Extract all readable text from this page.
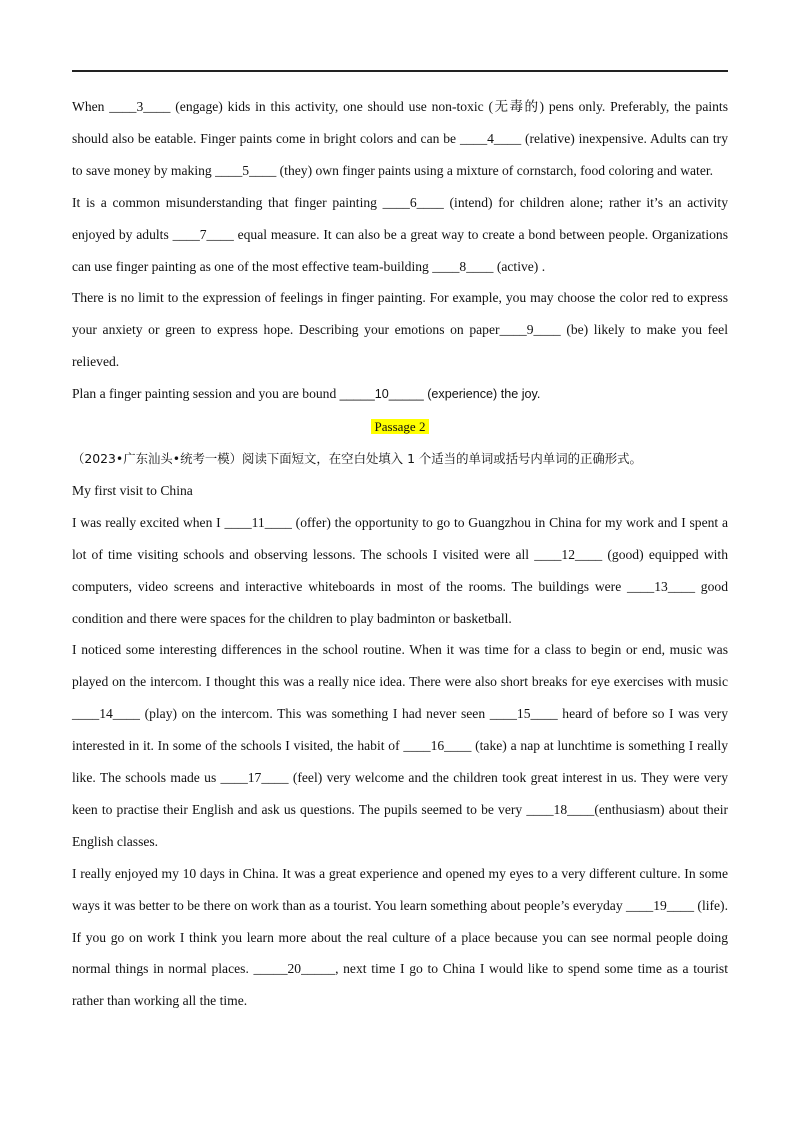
When ____3____ (engage) kids in this activity, one should use non-toxic (无毒的) pens only. Preferably, the paints should also be eatable. Finger paints come in bright colors and can be ____4____ (relative) inexpensive. Adults can try to save money by making ____5____ (they) own finger paints using a mixture of cornstarch, food coloring and water.

It is a common misunderstanding that finger painting ____6____ (intend) for children alone; rather it’s an activity enjoyed by adults ____7____ equal measure. It can also be a great way to create a bond between people. Organizations can use finger painting as one of the most effective team-building ____8____ (active) .

There is no limit to the expression of feelings in finger painting. For example, you may choose the color red to express your anxiety or green to express hope. Describing your emotions on paper____9____ (be) likely to make you feel relieved.

Plan a finger painting session and you are bound _____10_____ (experience) the joy.

Passage 2

（2023•广东汕头•统考一模）阅读下面短文，在空白处填入 1 个适当的单词或括号内单词的正确形式。

My first visit to China

I was really excited when I ____11____ (offer) the opportunity to go to Guangzhou in China for my work and I spent a lot of time visiting schools and observing lessons. The schools I visited were all ____12____ (good) equipped with computers, video screens and interactive whiteboards in most of the rooms. The buildings were ____13____ good condition and there were spaces for the children to play badminton or basketball.

I noticed some interesting differences in the school routine. When it was time for a class to begin or end, music was played on the intercom. I thought this was a really nice idea. There were also short breaks for eye exercises with music ____14____ (play) on the intercom. This was something I had never seen ____15____ heard of before so I was very interested in it. In some of the schools I visited, the habit of ____16____ (take) a nap at lunchtime is something I really like. The schools made us ____17____ (feel) very welcome and the children took great interest in us. They were very keen to practise their English and ask us questions. The pupils seemed to be very ____18____(enthusiasm) about their English classes.

I really enjoyed my 10 days in China. It was a great experience and opened my eyes to a very different culture. In some ways it was better to be there on work than as a tourist. You learn something about people’s everyday ____19____ (life). If you go on work I think you learn more about the real culture of a place because you can see normal people doing normal things in normal places. _____20_____, next time I go to China I would like to spend some time as a tourist rather than working all the time.
